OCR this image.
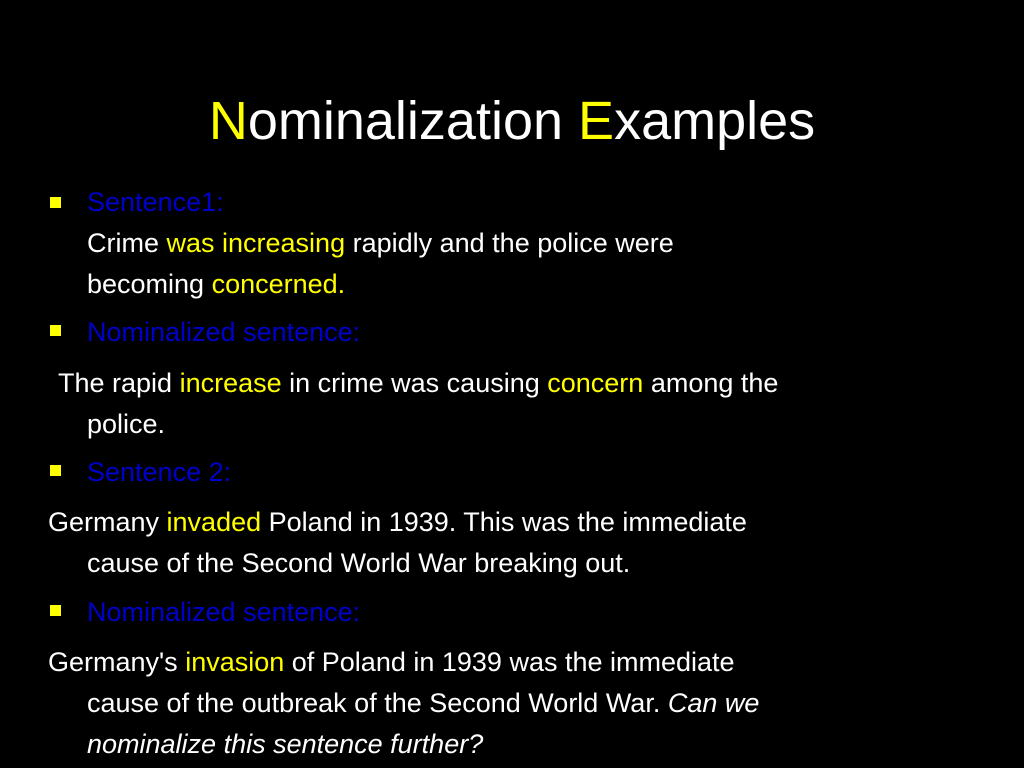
Nominalization Examples
Sentence1:
Crime was increasing rapidly and the police were
becoming concerned.
Nominalized sentence:
The rapid increase in crime was causing concern among the
police.
Sentence 2:
Germany invaded Poland in 1939. This was the immediate
cause of the Second World War breaking out.
Nominalized sentence:
Germany's invasion of Poland in 1939 was the immediate
cause of the outbreak of the Second World War. Can we
nominalize this sentence further?
